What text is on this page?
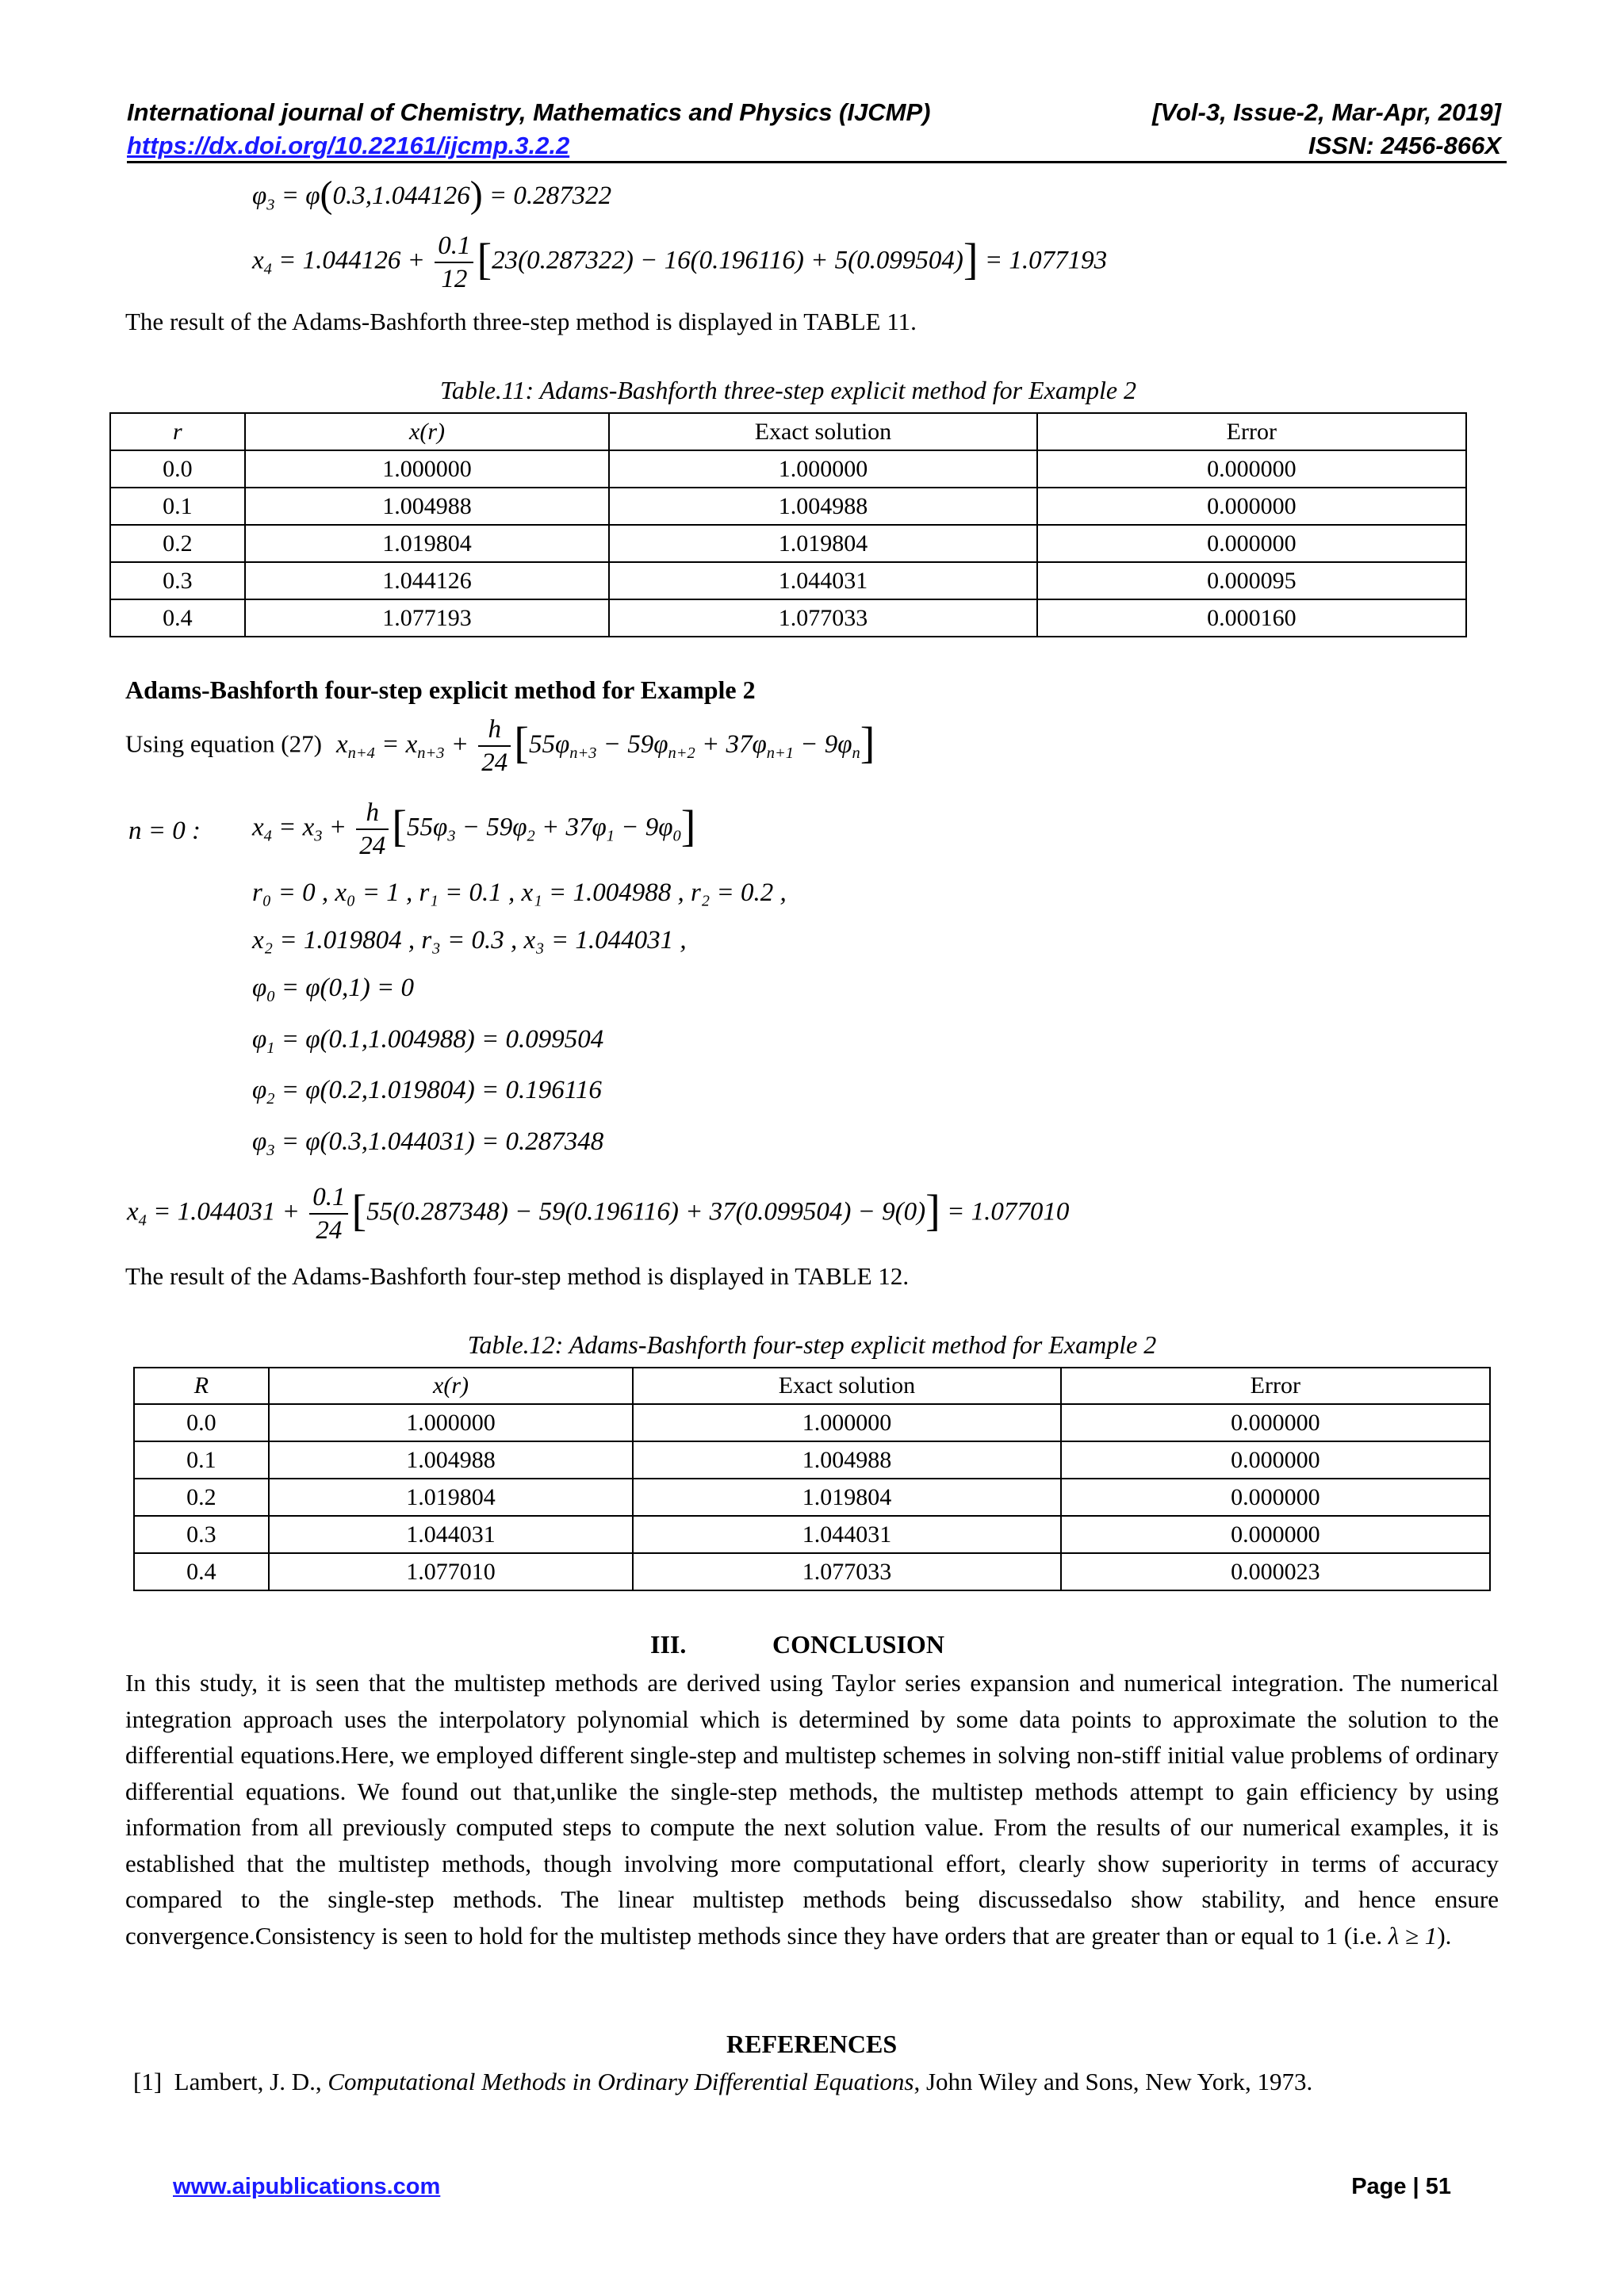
International journal of Chemistry, Mathematics and Physics (IJCMP)	[Vol-3, Issue-2, Mar-Apr, 2019]
https://dx.doi.org/10.22161/ijcmp.3.2.2	ISSN: 2456-866X
$\varphi_3 = \varphi(0.3,1.044126) = 0.287322$
$x_4 = 1.044126 + \frac{0.1}{12} [23(0.287322) - 16(0.196116) + 5(0.099504)] = 1.077193$
The result of the Adams-Bashforth three-step method is displayed in TABLE 11.
Table.11: Adams-Bashforth three-step explicit method for Example 2
r	x(r)	Exact solution	Error
0.0	1.000000	1.000000	0.000000
0.1	1.004988	1.004988	0.000000
0.2	1.019804	1.019804	0.000000
0.3	1.044126	1.044031	0.000095
0.4	1.077193	1.077033	0.000160
Adams-Bashforth four-step explicit method for Example 2
Using equation (27) $x_{n+4} = x_{n+3} + \frac{h}{24} [55\varphi_{n+3} - 59\varphi_{n+2} + 37\varphi_{n+1} - 9\varphi_n]$
n = 0 : $x_4 = x_3 + \frac{h}{24} [55\varphi_3 - 59\varphi_2 + 37\varphi_1 - 9\varphi_0]$
r₀ = 0 , x₀ = 1 , r₁ = 0.1 , x₁ = 1.004988 , r₂ = 0.2 ,
x₂ = 1.019804 , r₃ = 0.3 , x₃ = 1.044031 ,
$\varphi_0 = \varphi(0,1) = 0$
$\varphi_1 = \varphi(0.1,1.004988) = 0.099504$
$\varphi_2 = \varphi(0.2,1.019804) = 0.196116$
$\varphi_3 = \varphi(0.3,1.044031) = 0.287348$
$x_4 = 1.044031 + \frac{0.1}{24} [55(0.287348) - 59(0.196116) + 37(0.099504) - 9(0)] = 1.077010$
The result of the Adams-Bashforth four-step method is displayed in TABLE 12.
Table.12: Adams-Bashforth four-step explicit method for Example 2
R	x(r)	Exact solution	Error
0.0	1.000000	1.000000	0.000000
0.1	1.004988	1.004988	0.000000
0.2	1.019804	1.019804	0.000000
0.3	1.044031	1.044031	0.000000
0.4	1.077010	1.077033	0.000023
III.	CONCLUSION
In this study, it is seen that the multistep methods are derived using Taylor series expansion and numerical integration. The numerical integration approach uses the interpolatory polynomial which is determined by some data points to approximate the solution to the differential equations.Here, we employed different single-step and multistep schemes in solving non-stiff initial value problems of ordinary differential equations. We found out that,unlike the single-step methods, the multistep methods attempt to gain efficiency by using information from all previously computed steps to compute the next solution value. From the results of our numerical examples, it is established that the multistep methods, though involving more computational effort, clearly show superiority in terms of accuracy compared to the single-step methods. The linear multistep methods being discussedalso show stability, and hence ensure convergence.Consistency is seen to hold for the multistep methods since they have orders that are greater than or equal to 1 (i.e. λ ≥ 1).
REFERENCES
[1] Lambert, J. D., Computational Methods in Ordinary Differential Equations, John Wiley and Sons, New York, 1973.
www.aipublications.com	Page | 51
